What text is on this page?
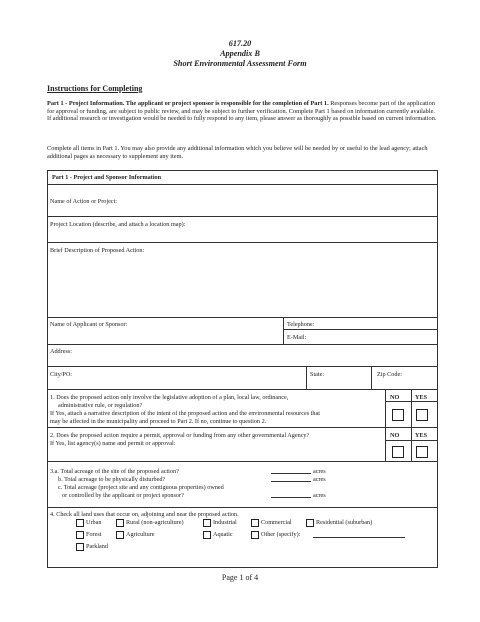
617.20
Appendix B
Short Environmental Assessment Form
Instructions for Completing
Part 1 - Project Information. The applicant or project sponsor is responsible for the completion of Part 1. Responses become part of the application for approval or funding, are subject to public review, and may be subject to further verification. Complete Part 1 based on information currently available. If additional research or investigation would be needed to fully respond to any item, please answer as thoroughly as possible based on current information.
Complete all items in Part 1. You may also provide any additional information which you believe will be needed by or useful to the lead agency; attach additional pages as necessary to supplement any item.
Part 1 - Project and Sponsor Information
Name of Action or Project:
Project Location (describe, and attach a location map):
Brief Description of Proposed Action:
Name of Applicant or Sponsor:	Telephone:
E-Mail:
Address:
City/PO:	State:	Zip Code:
1. Does the proposed action only involve the legislative adoption of a plan, local law, ordinance,
administrative rule, or regulation?
If Yes, attach a narrative description of the intent of the proposed action and the environmental resources that
may be affected in the municipality and proceed to Part 2. If no, continue to question 2.
NO	YES
2. Does the proposed action require a permit, approval or funding from any other governmental Agency?
If Yes, list agency(s) name and permit or approval:
NO	YES
3.a. Total acreage of the site of the proposed action?
b. Total acreage to be physically disturbed?
c. Total acreage (project site and any contiguous properties) owned
or controlled by the applicant or project sponsor?
acres
acres
acres
4. Check all land uses that occur on, adjoining and near the proposed action.
Urban	Rural (non-agriculture)	Industrial	Commercial	Residential (suburban)
Forest	Agriculture	Aquatic	Other (specify):
Parkland
Page 1 of 4
